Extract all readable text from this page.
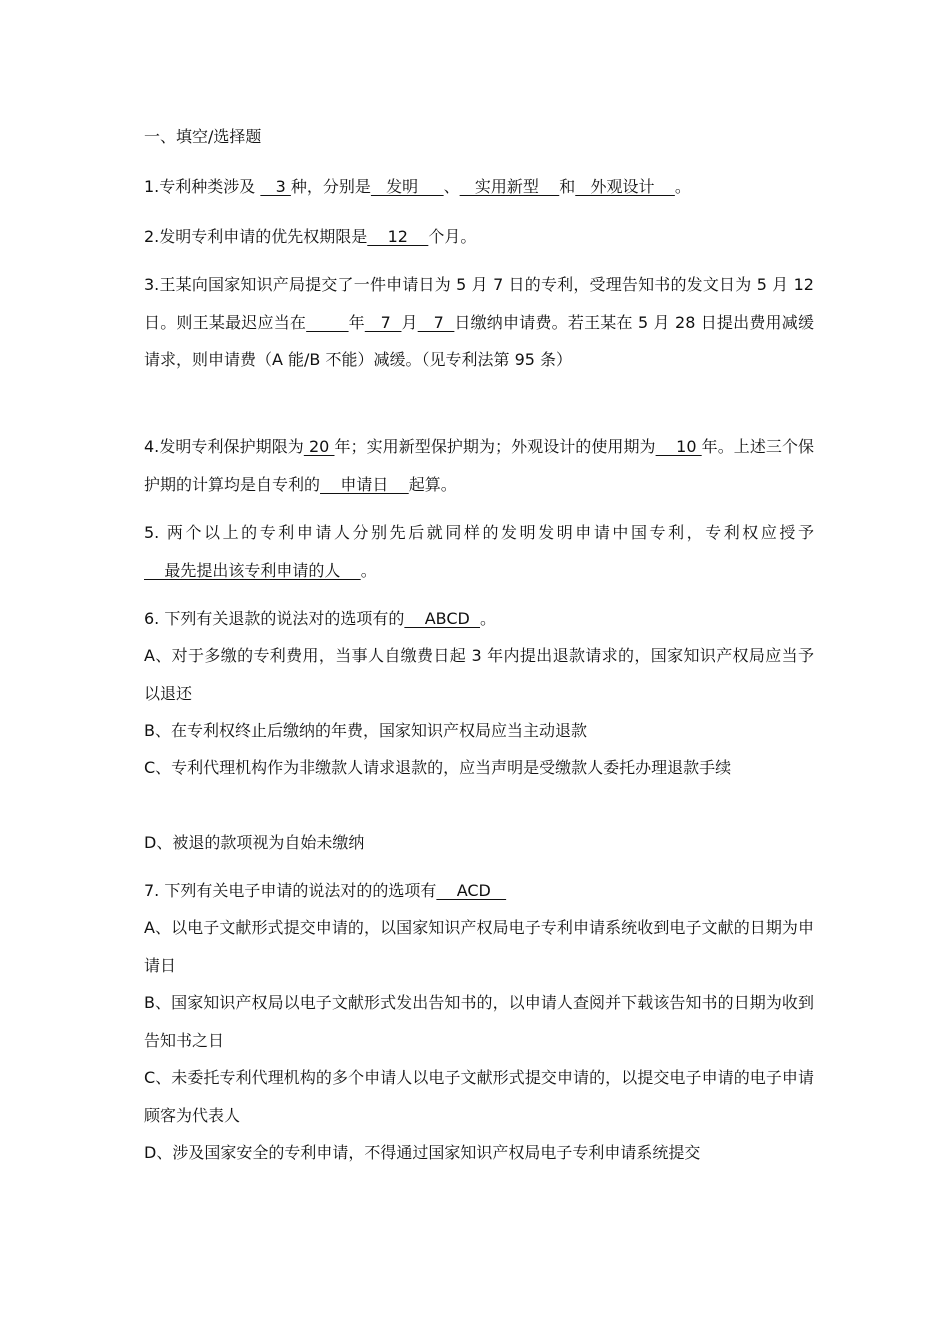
一、填空/选择题
1.专利种类涉及    3 种，分别是   发明     、   实用新型    和   外观设计    。
2.发明专利申请的优先权期限是    12    个月。
3.王某向国家知识产局提交了一件申请日为 5 月 7 日的专利，受理告知书的发文日为 5 月 12 日。则王某最迟应当在	年   7  月   7  日缴纳申请费。若王某在 5 月 28 日提出费用减缓请求，则申请费（A 能/B 不能）减缓。（见专利法第 95 条）
4.发明专利保护期限为 20 年；实用新型保护期为；外观设计的使用期为    10 年。上述三个保护期的计算均是自专利的    申请日    起算。
5. 两个以上的专利申请人分别先后就同样的发明发明申请中国专利，专利权应授予    最先提出该专利申请的人    。
6. 下列有关退款的说法对的选项有的    ABCD  。
A、对于多缴的专利费用，当事人自缴费日起 3 年内提出退款请求的，国家知识产权局应当予以退还
B、在专利权终止后缴纳的年费，国家知识产权局应当主动退款
C、专利代理机构作为非缴款人请求退款的，应当声明是受缴款人委托办理退款手续
D、被退的款项视为自始未缴纳
7. 下列有关电子申请的说法对的的选项有    ACD
A、以电子文献形式提交申请的，以国家知识产权局电子专利申请系统收到电子文献的日期为申请日
B、国家知识产权局以电子文献形式发出告知书的，以申请人查阅并下载该告知书的日期为收到告知书之日
C、未委托专利代理机构的多个申请人以电子文献形式提交申请的，以提交电子申请的电子申请顾客为代表人
D、涉及国家安全的专利申请，不得通过国家知识产权局电子专利申请系统提交
